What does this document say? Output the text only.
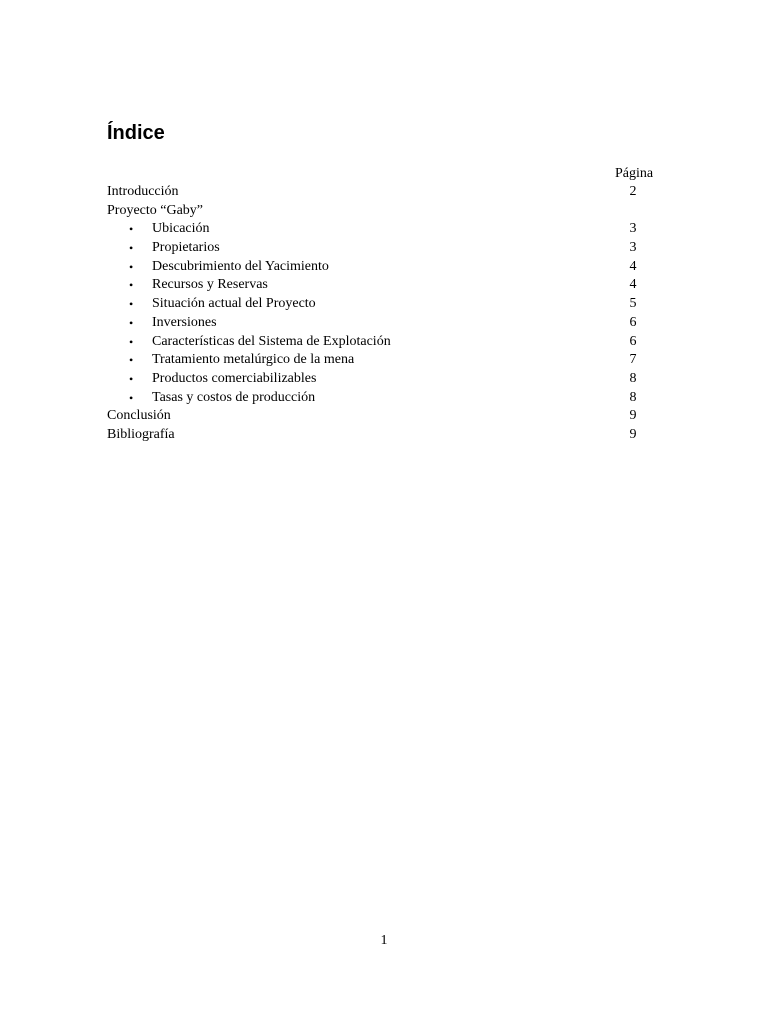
Índice
Página
Introducción	2
Proyecto “Gaby”
• Ubicación	3
• Propietarios	3
• Descubrimiento del Yacimiento	4
• Recursos y Reservas	4
• Situación actual del Proyecto	5
• Inversiones	6
• Características del Sistema de Explotación	6
• Tratamiento metalúrgico de la mena	7
• Productos comerciabilizables	8
• Tasas y costos de producción	8
Conclusión	9
Bibliografía	9
1
